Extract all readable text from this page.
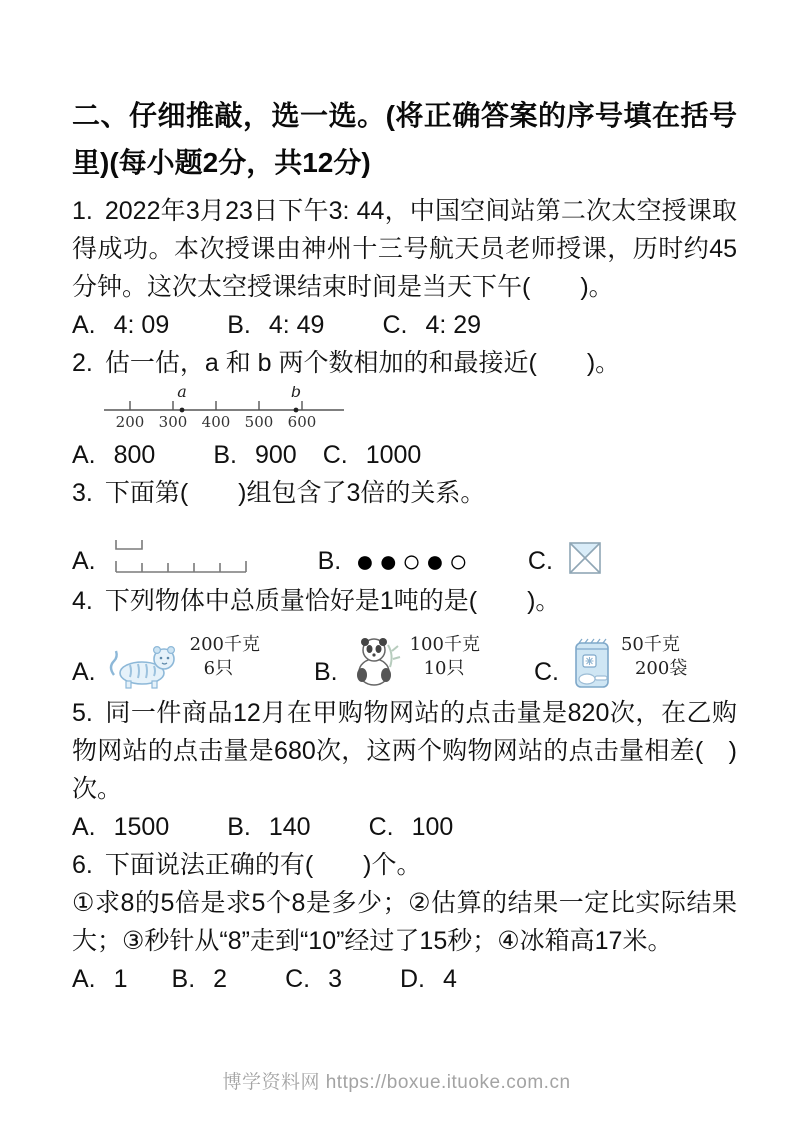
二、仔细推敲，选一选。(将正确答案的序号填在括号里)(每小题2分，共12分)

1. 2022年3月23日下午3: 44，中国空间站第二次太空授课取得成功。本次授课由神州十三号航天员老师授课，历时约45分钟。这次太空授课结束时间是当天下午(　　)。

A. 4: 09 B. 4: 49 C. 4: 29

2. 估一估，a 和 b 两个数相加的和最接近(　　)。

200 300 400 500 600
a	b
A. 800 B. 900 C. 1000

3. 下面第(　　)组包含了3倍的关系。

A.	B. ●●○●○ C.

4. 下列物体中总质量恰好是1吨的是(　　)。

A.
200千克
6只	B.
100千克
10只	C.
50千克
200袋

5. 同一件商品12月在甲购物网站的点击量是820次，在乙购物网站的点击量是680次，这两个购物网站的点击量相差(　)次。

A. 1500 B. 140 C. 100

6. 下面说法正确的有(　　)个。

①求8的5倍是求5个8是多少；②估算的结果一定比实际结果大；③秒针从“8”走到“10”经过了15秒；④冰箱高17米。

A. 1 B. 2 C. 3 D. 4
博学资料网 https://boxue.ituoke.com.cn
